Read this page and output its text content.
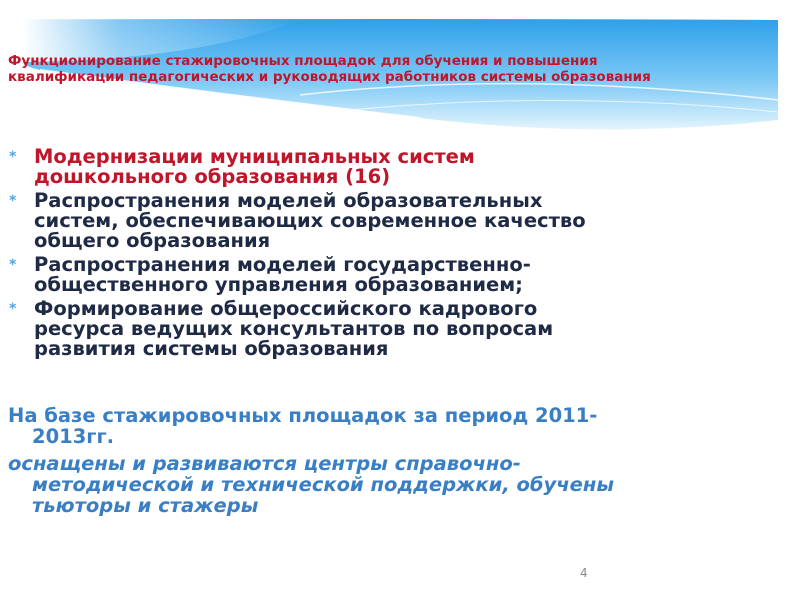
Функционирование стажировочных площадок для обучения и повышения
квалификации педагогических и руководящих работников системы образования
* Модернизации муниципальных систем
дошкольного образования (16)
* Распространения моделей образовательных
систем, обеспечивающих современное качество
общего образования
* Распространения моделей государственно-
общественного управления образованием;
* Формирование общероссийского кадрового
ресурса ведущих консультантов по вопросам
развития системы образования

На базе стажировочных площадок за период 2011-
2013гг.

оснащены и развиваются центры справочно-
методической и технической поддержки, обучены
тьюторы и стажеры

4
